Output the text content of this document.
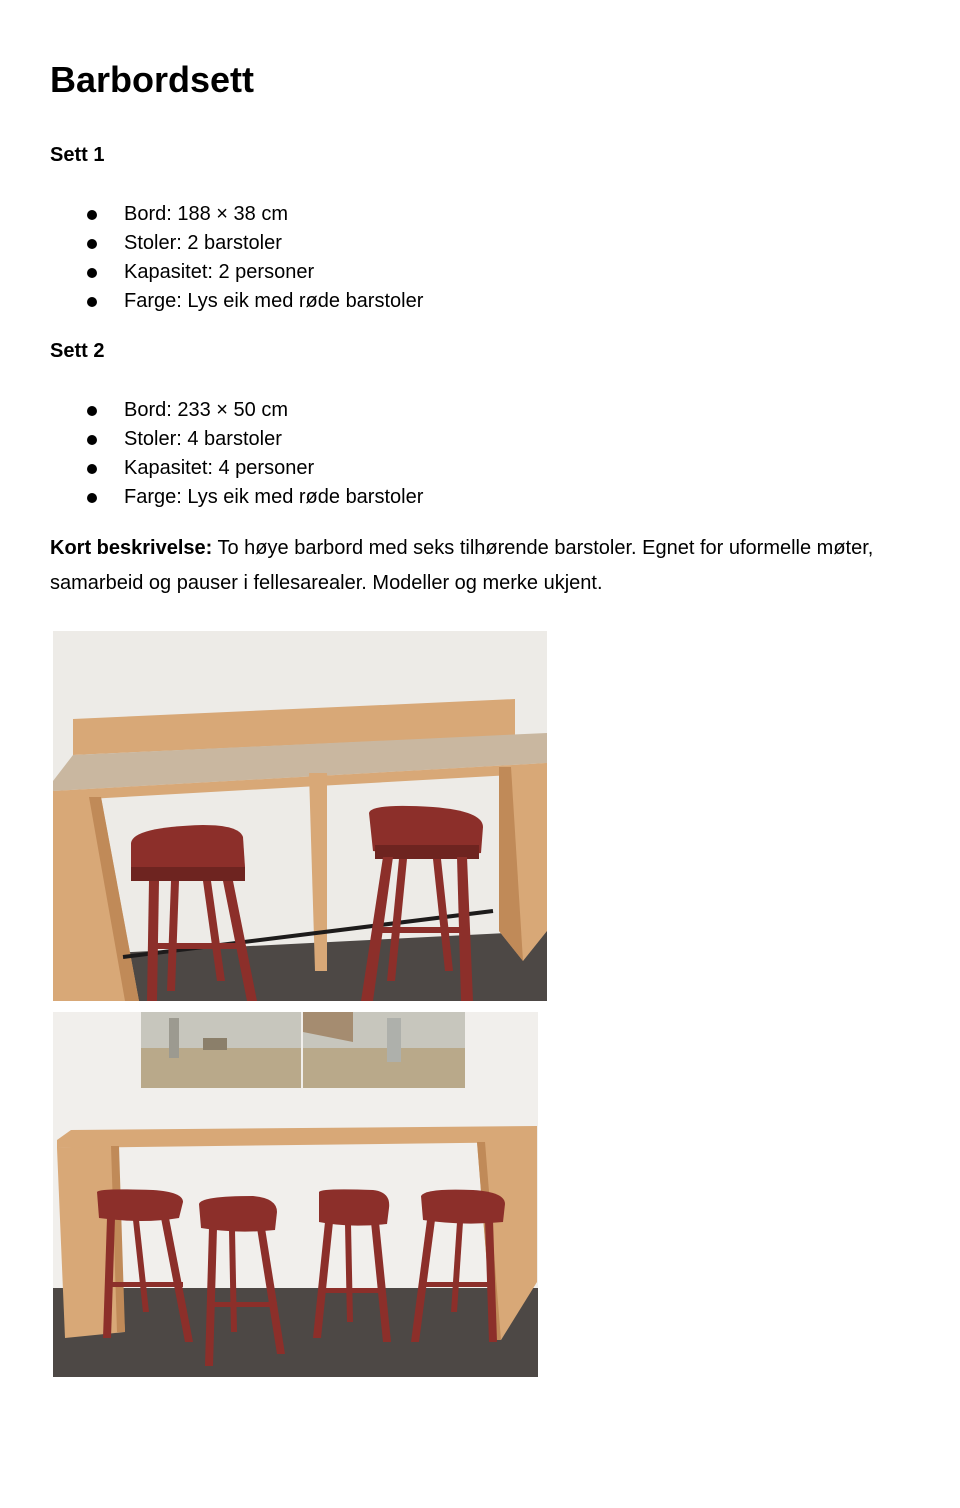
Barbordsett
Sett 1
Bord: 188 × 38 cm
Stoler: 2 barstoler
Kapasitet: 2 personer
Farge: Lys eik med røde barstoler
Sett 2
Bord: 233 × 50 cm
Stoler: 4 barstoler
Kapasitet: 4 personer
Farge: Lys eik med røde barstoler

Kort beskrivelse: To høye barbord med seks tilhørende barstoler. Egnet for uformelle møter, samarbeid og pauser i fellesarealer. Modeller og merke ukjent.
